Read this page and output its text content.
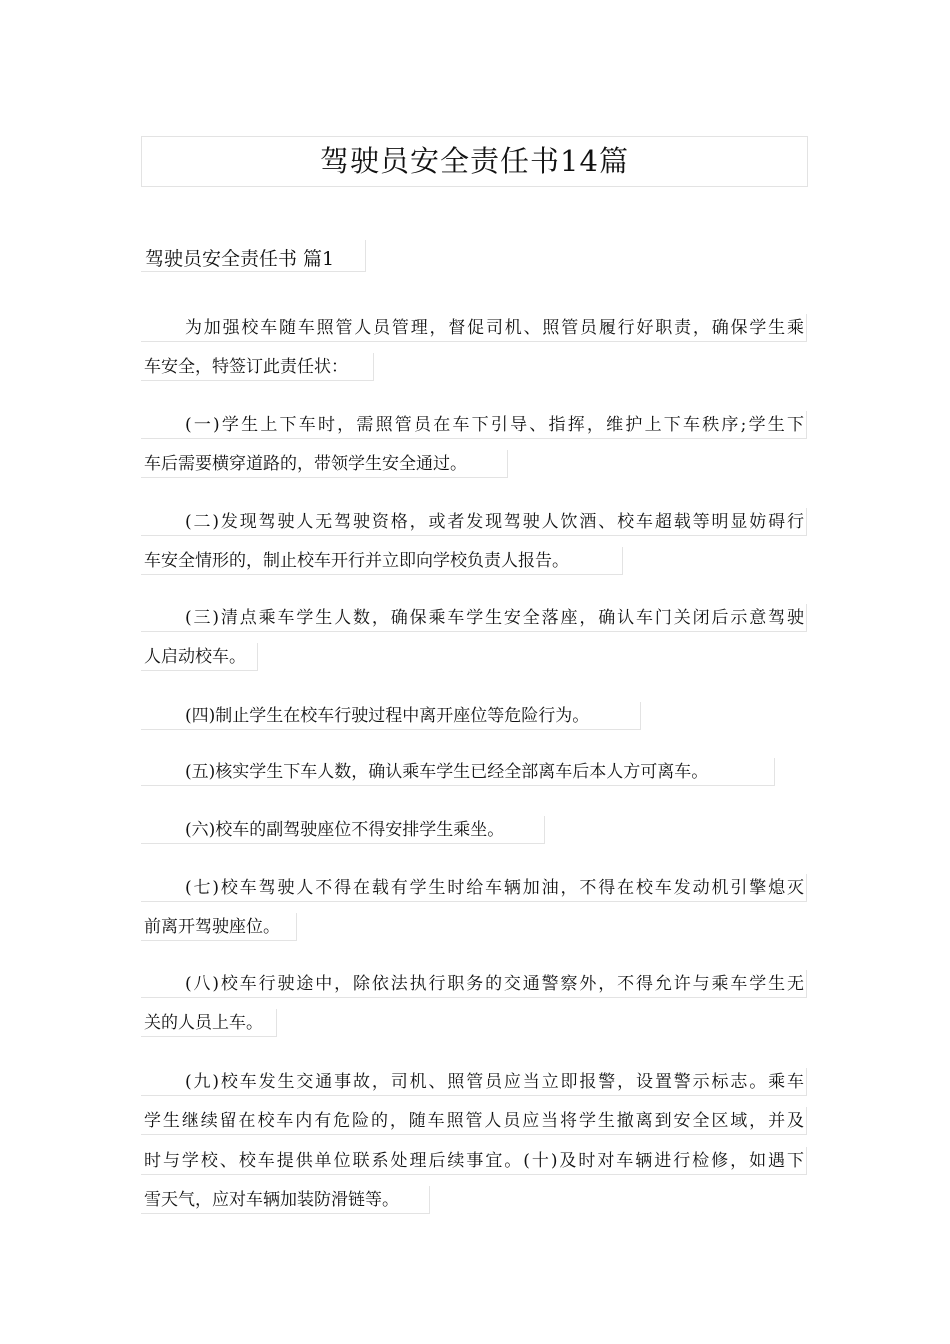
驾驶员安全责任书14篇
驾驶员安全责任书 篇1
为加强校车随车照管人员管理，督促司机、照管员履行好职责，确保学生乘
车安全，特签订此责任状：
(一)学生上下车时，需照管员在车下引导、指挥，维护上下车秩序;学生下
车后需要横穿道路的，带领学生安全通过。
(二)发现驾驶人无驾驶资格，或者发现驾驶人饮酒、校车超载等明显妨碍行
车安全情形的，制止校车开行并立即向学校负责人报告。
(三)清点乘车学生人数，确保乘车学生安全落座，确认车门关闭后示意驾驶
人启动校车。
(四)制止学生在校车行驶过程中离开座位等危险行为。
(五)核实学生下车人数，确认乘车学生已经全部离车后本人方可离车。
(六)校车的副驾驶座位不得安排学生乘坐。
(七)校车驾驶人不得在载有学生时给车辆加油，不得在校车发动机引擎熄灭
前离开驾驶座位。
(八)校车行驶途中，除依法执行职务的交通警察外，不得允许与乘车学生无
关的人员上车。
(九)校车发生交通事故，司机、照管员应当立即报警，设置警示标志。乘车
学生继续留在校车内有危险的，随车照管人员应当将学生撤离到安全区域，并及
时与学校、校车提供单位联系处理后续事宜。(十)及时对车辆进行检修，如遇下
雪天气，应对车辆加装防滑链等。
